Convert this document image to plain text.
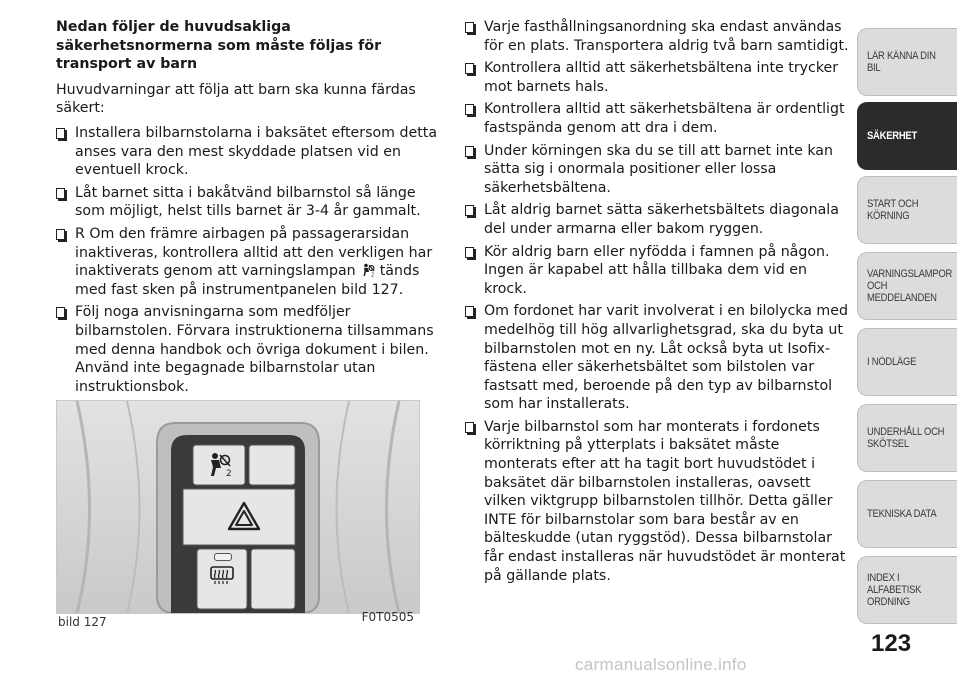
Nedan följer de huvudsakliga säkerhetsnormerna som måste följas för transport av barn

Huvudvarningar att följa att barn ska kunna färdas säkert:

Installera bilbarnstolarna i baksätet eftersom detta anses vara den mest skyddade platsen vid en eventuell krock.
Låt barnet sitta i bakåtvänd bilbarnstol så länge som möjligt, helst tills barnet är 3-4 år gammalt.
R Om den främre airbagen på passagerarsidan inaktiveras, kontrollera alltid att den verkligen har inaktiverats genom att varningslampan	2 tänds med fast sken på instrumentpanelen bild 127.
Följ noga anvisningarna som medföljer bilbarnstolen. Förvara instruktionerna tillsammans med denna handbok och övriga dokument i bilen. Använd inte begagnade bilbarnstolar utan instruktionsbok.
Varje fasthållningsanordning ska endast användas för en plats. Transportera aldrig två barn samtidigt.
Kontrollera alltid att säkerhetsbältena inte trycker mot barnets hals.
Kontrollera alltid att säkerhetsbältena är ordentligt fastspända genom att dra i dem.
Under körningen ska du se till att barnet inte kan sätta sig i onormala positioner eller lossa säkerhetsbältena.
Låt aldrig barnet sätta säkerhetsbältets diagonala del under armarna eller bakom ryggen.
Kör aldrig barn eller nyfödda i famnen på någon. Ingen är kapabel att hålla tillbaka dem vid en krock.
Om fordonet har varit involverat i en bilolycka med medelhög till hög allvarlighetsgrad, ska du byta ut bilbarnstolen mot en ny. Låt också byta ut Isofix-fästena eller säkerhetsbältet som bilstolen var fastsatt med, beroende på den typ av bilbarnstol som har installerats.
Varje bilbarnstol som har monterats i fordonets körriktning på ytterplats i baksätet måste monterats efter att ha tagit bort huvudstödet i baksätet där bilbarnstolen installeras, oavsett vilken viktgrupp bilbarnstolen tillhör. Detta gäller INTE för bilbarnstolar som bara består av en bälteskudde (utan ryggstöd). Dessa bilbarnstolar får endast installeras när huvudstödet är monterat på gällande plats.
2
bild 127	F0T0505
LÄR KÄNNA DIN BIL
SÄKERHET
START OCH
KÖRNING
VARNINGSLAMPOR
OCH
MEDDELANDEN
I NÖDLÄGE
UNDERHÅLL OCH
SKÖTSEL
TEKNISKA DATA
INDEX I ALFABETISK
ORDNING
123
carmanualsonline.info
